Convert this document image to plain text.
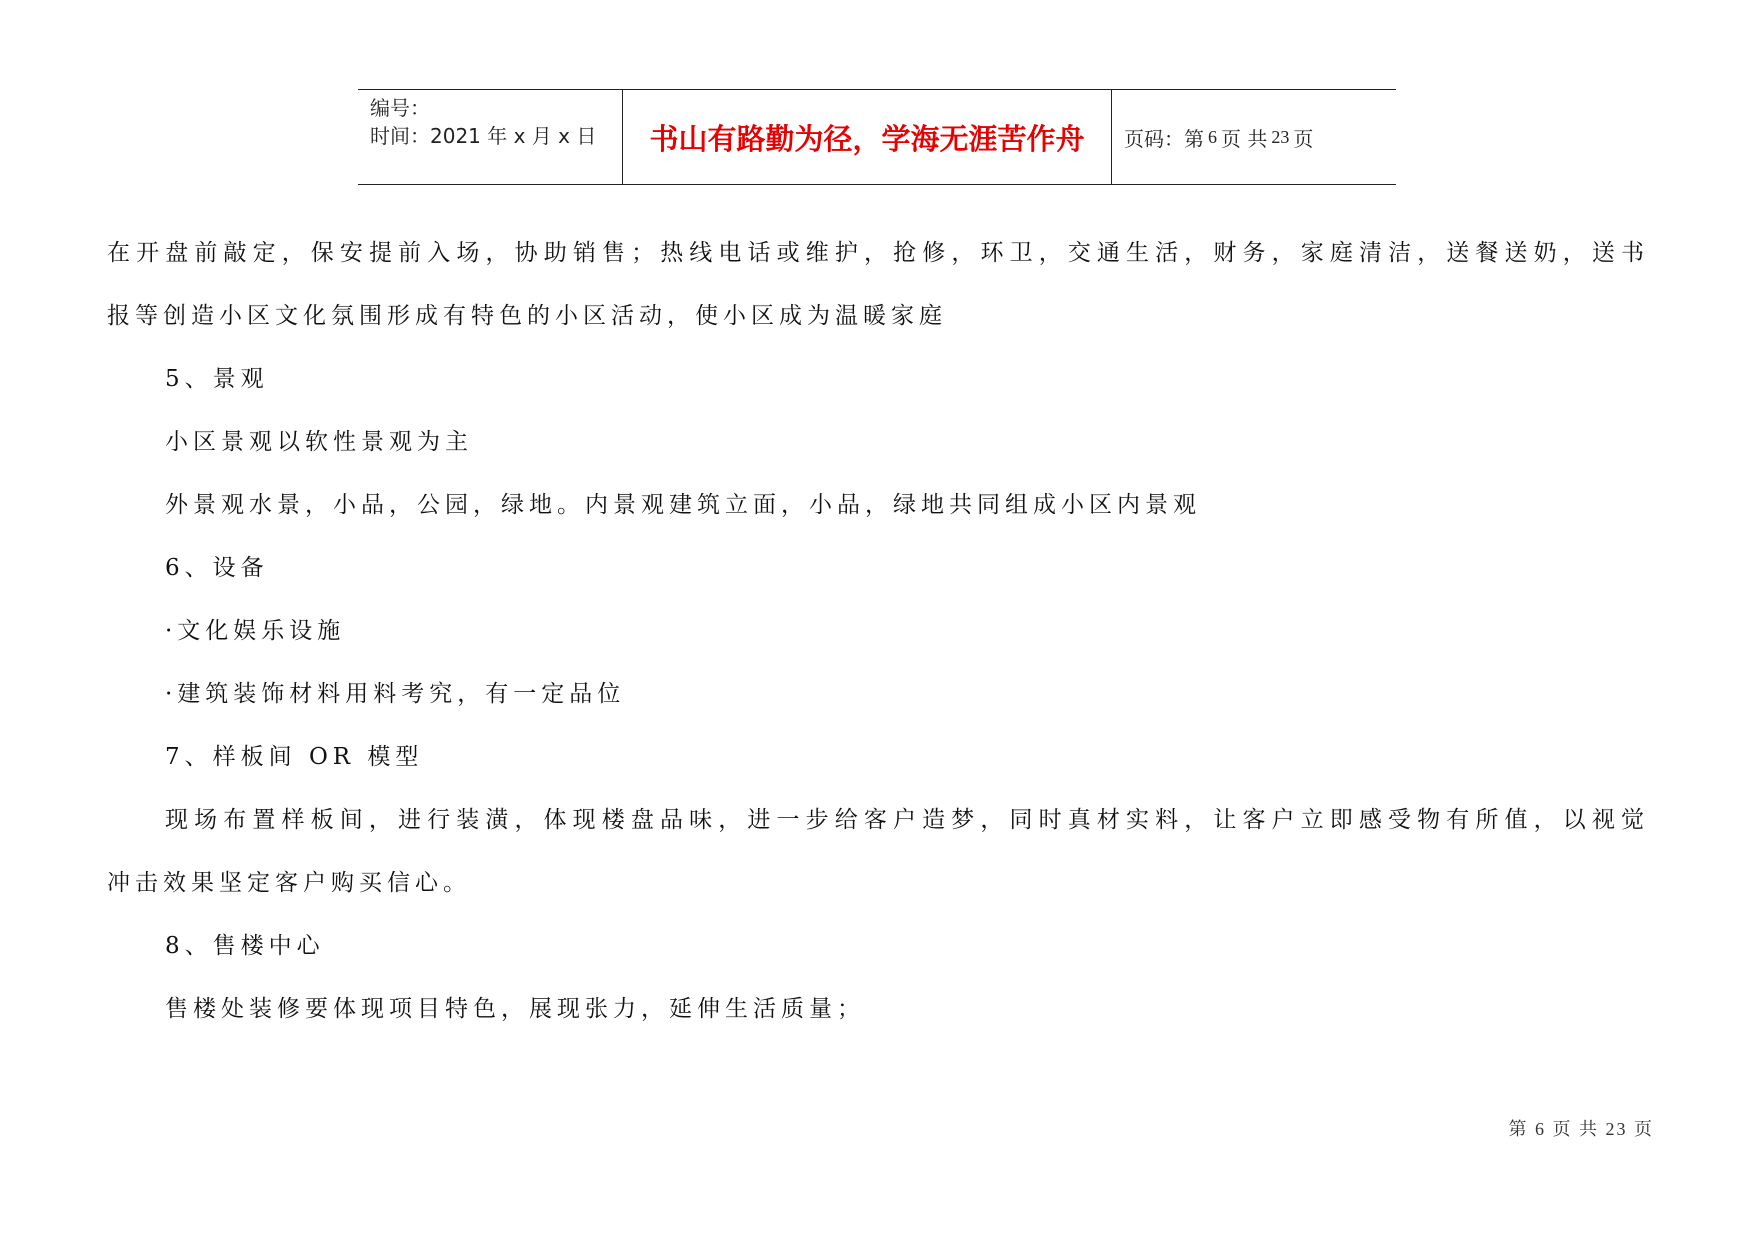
编号：
时间：2021 年 x 月 x 日	书山有路勤为径，学海无涯苦作舟	页码：第 6 页 共 23 页
在开盘前敲定，保安提前入场，协助销售；热线电话或维护，抢修，环卫，交通生活，财务，家庭清洁，送餐送奶，送书
报等创造小区文化氛围形成有特色的小区活动，使小区成为温暖家庭
5、景观
小区景观以软性景观为主
外景观水景，小品，公园，绿地。内景观建筑立面，小品，绿地共同组成小区内景观
6、设备
·文化娱乐设施
·建筑装饰材料用料考究，有一定品位
7、样板间 OR 模型
现场布置样板间，进行装潢，体现楼盘品味，进一步给客户造梦，同时真材实料，让客户立即感受物有所值，以视觉
冲击效果坚定客户购买信心。
8、售楼中心
售楼处装修要体现项目特色，展现张力，延伸生活质量；
第 6 页 共 23 页
